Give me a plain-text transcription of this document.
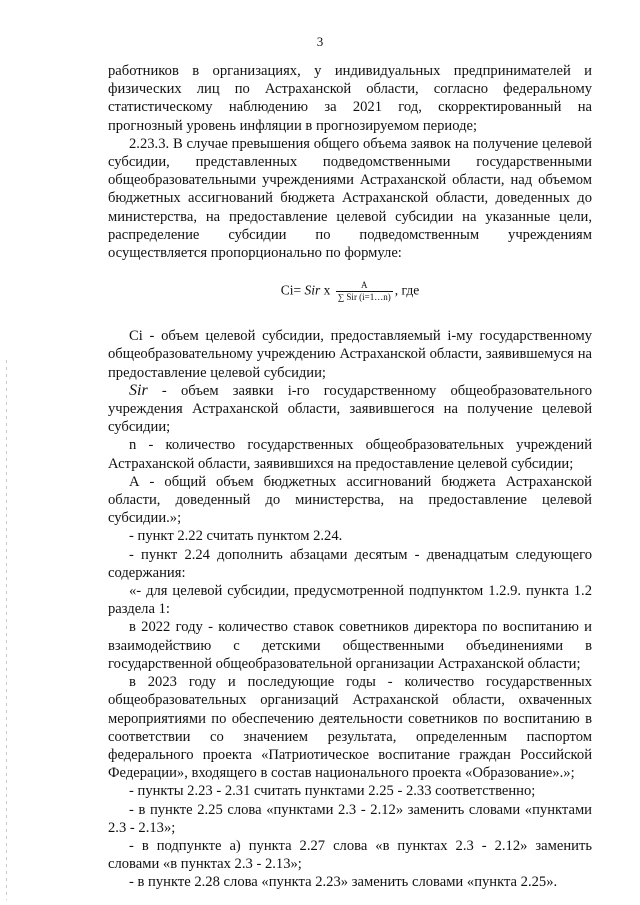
3

работников в организациях, у индивидуальных предпринимателей и физических лиц по Астраханской области, согласно федеральному статистическому наблюдению за 2021 год, скорректированный на прогнозный уровень инфляции в прогнозируемом периоде;

2.23.3. В случае превышения общего объема заявок на получение целевой субсидии, представленных подведомственными государственными общеобразовательными учреждениями Астраханской области, над объемом бюджетных ассигнований бюджета Астраханской области, доведенных до министерства, на предоставление целевой субсидии на указанные цели, распределение субсидии по подведомственным учреждениям осуществляется пропорционально по формуле:

Ci= Sir х $\frac{A}{\text{∑ Sir (i=1…n)}}$ , где

Ci - объем целевой субсидии, предоставляемый i-му государственному общеобразовательному учреждению Астраханской области, заявившемуся на предоставление целевой субсидии;

Sir - объем заявки i-го государственному общеобразовательного учреждения Астраханской области, заявившегося на получение целевой субсидии;

n - количество государственных общеобразовательных учреждений Астраханской области, заявившихся на предоставление целевой субсидии;

А - общий объем бюджетных ассигнований бюджета Астраханской области, доведенный до министерства, на предоставление целевой субсидии.»;

- пункт 2.22 считать пунктом 2.24.

- пункт 2.24 дополнить абзацами десятым - двенадцатым следующего содержания:

«- для целевой субсидии, предусмотренной подпунктом 1.2.9. пункта 1.2 раздела 1:

в 2022 году - количество ставок советников директора по воспитанию и взаимодействию с детскими общественными объединениями в государственной общеобразовательной организации Астраханской области;

в 2023 году и последующие годы - количество государственных общеобразовательных организаций Астраханской области, охваченных мероприятиями по обеспечению деятельности советников по воспитанию в соответствии со значением результата, определенным паспортом федерального проекта «Патриотическое воспитание граждан Российской Федерации», входящего в состав национального проекта «Образование».»;

- пункты 2.23 - 2.31 считать пунктами 2.25 - 2.33 соответственно;

- в пункте 2.25 слова «пунктами 2.3 - 2.12» заменить словами «пунктами 2.3 - 2.13»;

- в подпункте а) пункта 2.27 слова «в пунктах 2.3 - 2.12» заменить словами «в пунктах 2.3 - 2.13»;

- в пункте 2.28 слова «пункта 2.23» заменить словами «пункта 2.25».
